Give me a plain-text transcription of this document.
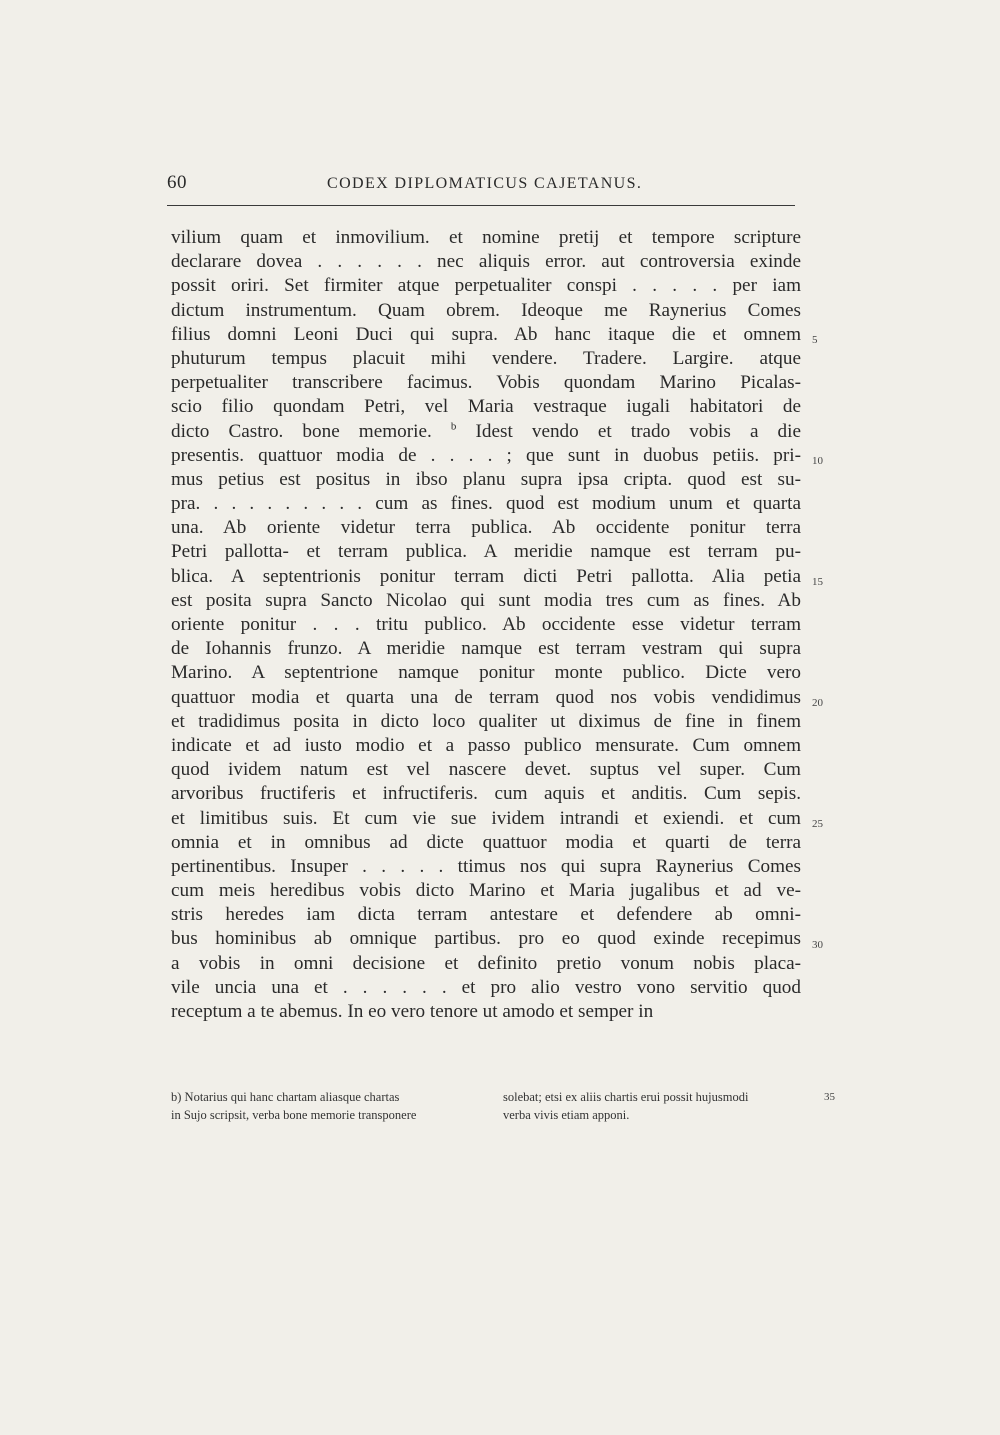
60	CODEX DIPLOMATICUS CAJETANUS.
vilium quam et inmovilium. et nomine pretij et tempore scripture
declarare dovea . . . . . . nec aliquis error. aut controversia exinde
possit oriri. Set firmiter atque perpetualiter conspi . . . . . per iam
dictum instrumentum. Quam obrem. Ideoque me Raynerius Comes
filius domni Leoni Duci qui supra. Ab hanc itaque die et omnem
phuturum tempus placuit mihi vendere. Tradere. Largire. atque
perpetualiter transcribere facimus. Vobis quondam Marino Picalas-
scio filio quondam Petri, vel Maria vestraque iugali habitatori de
dicto Castro. bone memorie. $^b$ Idest vendo et trado vobis a die
presentis. quattuor modia de . . . . ; que sunt in duobus petiis. pri-
mus petius est positus in ibso planu supra ipsa cripta. quod est su-
pra. . . . . . . . . . cum as fines. quod est modium unum et quarta
una. Ab oriente videtur terra publica. Ab occidente ponitur terra
Petri pallotta- et terram publica. A meridie namque est terram pu-
blica. A septentrionis ponitur terram dicti Petri pallotta. Alia petia
est posita supra Sancto Nicolao qui sunt modia tres cum as fines. Ab
oriente ponitur . . . tritu publico. Ab occidente esse videtur terram
de Iohannis frunzo. A meridie namque est terram vestram qui supra
Marino. A septentrione namque ponitur monte publico. Dicte vero
quattuor modia et quarta una de terram quod nos vobis vendidimus
et tradidimus posita in dicto loco qualiter ut diximus de fine in finem
indicate et ad iusto modio et a passo publico mensurate. Cum omnem
quod ividem natum est vel nascere devet. suptus vel super. Cum
arvoribus fructiferis et infructiferis. cum aquis et anditis. Cum sepis.
et limitibus suis. Et cum vie sue ividem intrandi et exiendi. et cum
omnia et in omnibus ad dicte quattuor modia et quarti de terra
pertinentibus. Insuper . . . . . ttimus nos qui supra Raynerius Comes
cum meis heredibus vobis dicto Marino et Maria jugalibus et ad ve-
stris heredes iam dicta terram antestare et defendere ab omni-
bus hominibus ab omnique partibus. pro eo quod exinde recepimus
a vobis in omni decisione et definito pretio vonum nobis placa-
vile uncia una et . . . . . . et pro alio vestro vono servitio quod
receptum a te abemus. In eo vero tenore ut amodo et semper in
5
10
15
20
25
30
b) Notarius qui hanc chartam aliasque chartas
in Sujo scripsit, verba bone memorie transponere
solebat; etsi ex aliis chartis erui possit hujusmodi
verba vivis etiam apponi.
35
